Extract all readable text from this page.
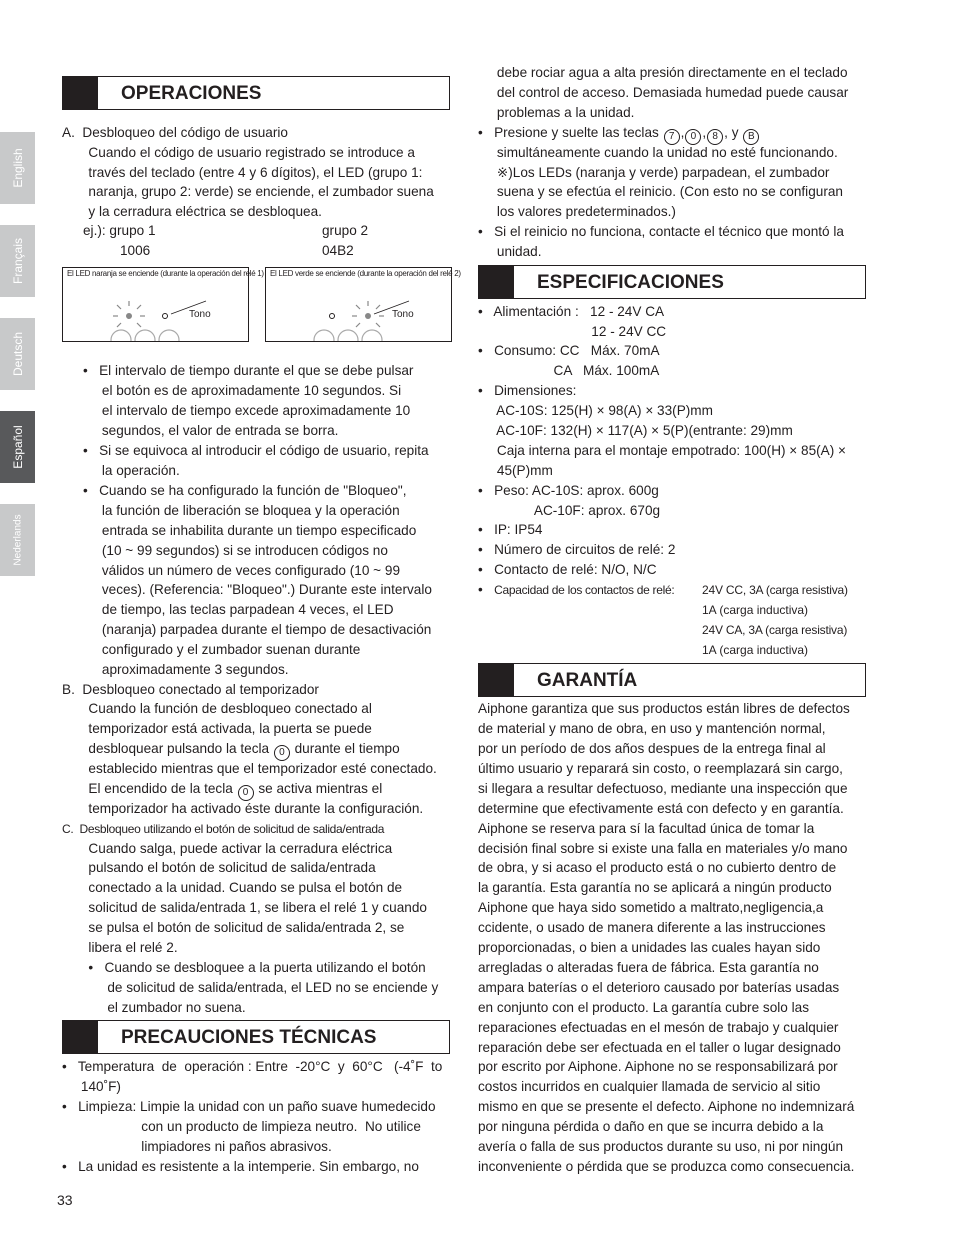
English
Français
Deutsch
Español
Nederlands
OPERACIONES
A.  Desbloqueo del código de usuario
Cuando el código de usuario registrado se introduce a
través del teclado (entre 4 y 6 dígitos), el LED (grupo 1:
naranja, grupo 2: verde) se enciende, el zumbador suena
y la cerradura eléctrica se desbloquea.
ej.): grupo 1	grupo 2
1006	04B2
El LED naranja se enciende (durante la operación del relé 1)
Tono
El LED verde se enciende (durante la operación del relé 2)
Tono
•   El intervalo de tiempo durante el que se debe pulsar
el botón es de aproximadamente 10 segundos. Si
el intervalo de tiempo excede aproximadamente 10
segundos, el valor de entrada se borra.
•   Si se equivoca al introducir el código de usuario, repita
la operación.
•   Cuando se ha configurado la función de "Bloqueo",
la función de liberación se bloquea y la operación
entrada se inhabilita durante un tiempo especificado
(10 ~ 99 segundos) si se introducen códigos no
válidos un número de veces configurado (10 ~ 99
veces). (Referencia: "Bloqueo".) Durante este intervalo
de tiempo, las teclas parpadean 4 veces, el LED
(naranja) parpadea durante el tiempo de desactivación
configurado y el zumbador suenan durante
aproximadamente 3 segundos.
B.  Desbloqueo conectado al temporizador
Cuando la función de desbloqueo conectado al
temporizador está activada, la puerta se puede
desbloquear pulsando la tecla 0 durante el tiempo
establecido mientras que el temporizador esté conectado.
El encendido de la tecla 0 se activa mientras el
temporizador ha activado éste durante la configuración.
C.  Desbloqueo utilizando el botón de solicitud de salida/entrada
Cuando salga, puede activar la cerradura eléctrica
pulsando el botón de solicitud de salida/entrada
conectado a la unidad. Cuando se pulsa el botón de
solicitud de salida/entrada 1, se libera el relé 1 y cuando
se pulsa el botón de solicitud de salida/entrada 2, se
libera el relé 2.
•   Cuando se desbloquee a la puerta utilizando el botón
de solicitud de salida/entrada, el LED no se enciende y
el zumbador no suena.
PRECAUCIONES TÉCNICAS
•   Temperatura  de  operación : Entre  -20°C  y  60°C   (-4˚F  to
140˚F)
•   Limpieza: Limpie la unidad con un paño suave humedecido
con un producto de limpieza neutro.  No utilice
limpiadores ni paños abrasivos.
•   La unidad es resistente a la intemperie. Sin embargo, no
33
debe rociar agua a alta presión directamente en el teclado
del control de acceso. Demasiada humedad puede causar
problemas a la unidad.
•   Presione y suelte las teclas 7 , 0 , 8 , y B
simultáneamente cuando la unidad no esté funcionando.
※)Los LEDs (naranja y verde) parpadean, el zumbador
suena y se efectúa el reinicio. (Con esto no se configuran
los valores predeterminados.)
•   Si el reinicio no funciona, contacte el técnico que montó la
unidad.
ESPECIFICACIONES
•   Alimentación :   12 - 24V CA
12 - 24V CC
•   Consumo: CC   Máx. 70mA
CA   Máx. 100mA
•   Dimensiones:
AC-10S: 125(H) × 98(A) × 33(P)mm
AC-10F: 132(H) × 117(A) × 5(P)(entrante: 29)mm
Caja interna para el montaje empotrado: 100(H) × 85(A) ×
45(P)mm
•   Peso: AC-10S: aprox. 600g
AC-10F: aprox. 670g
•   IP: IP54
•   Número de circuitos de relé: 2
•   Contacto de relé: N/O, N/C
•   Capacidad de los contactos de relé: 24V CC, 3A (carga resistiva)
1A (carga inductiva)
24V CA, 3A (carga resistiva)
1A (carga inductiva)
GARANTÍA
Aiphone garantiza que sus productos están libres de defectos
de material y mano de obra, en uso y mantención normal,
por un período de dos años despues de la entrega final al
último usuario y reparará sin costo, o reemplazará sin cargo,
si llegara a resultar defectuoso, mediante una inspección que
determine que efectivamente está con defecto y en garantía.
Aiphone se reserva para sí la facultad única de tomar la
decisión final sobre si existe una falla en materiales y/o mano
de obra, y si acaso el producto está o no cubierto dentro de
la garantía. Esta garantía no se aplicará a ningún producto
Aiphone que haya sido sometido a maltrato,negligencia,a
ccidente, o usado de manera diferente a las instrucciones
proporcionadas, o bien a unidades las cuales hayan sido
arregladas o alteradas fuera de fábrica. Esta garantía no
ampara baterías o el deterioro causado por baterías usadas
en conjunto con el producto. La garantía cubre solo las
reparaciones efectuadas en el mesón de trabajo y cualquier
reparación debe ser efectuada en el taller o lugar designado
por escrito por Aiphone. Aiphone no se responsabilizará por
costos incurridos en cualquier llamada de servicio al sitio
mismo en que se presente el defecto. Aiphone no indemnizará
por ninguna pérdida o daño en que se incurra debido a la
avería o falla de sus productos durante su uso, ni por ningún
inconveniente o pérdida que se produzca como consecuencia.
